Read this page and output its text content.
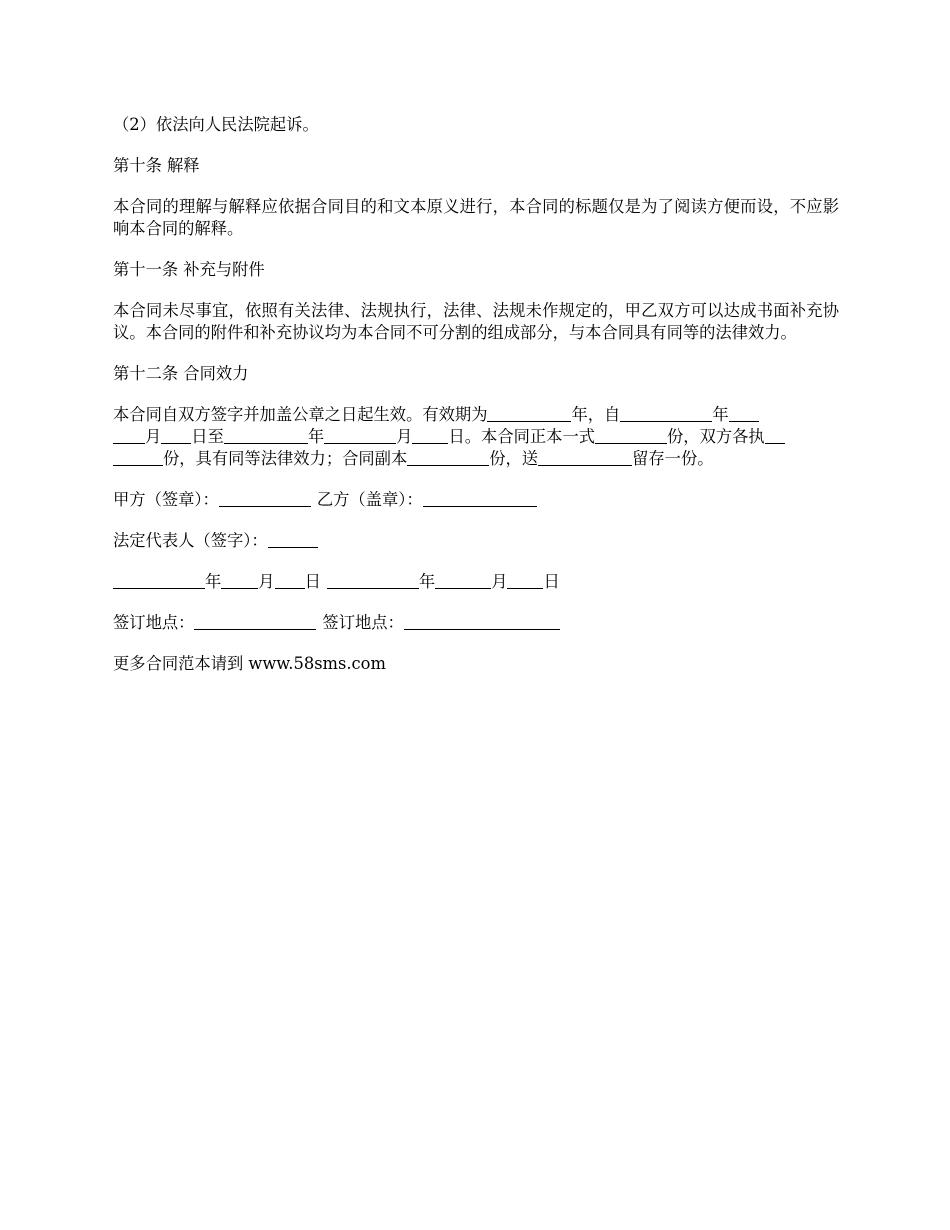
（2）依法向人民法院起诉。

第十条 解释

本合同的理解与解释应依据合同目的和文本原义进行，本合同的标题仅是为了阅读方便而设，不应影响本合同的解释。

第十一条 补充与附件

本合同未尽事宜，依照有关法律、法规执行，法律、法规未作规定的，甲乙双方可以达成书面补充协议。本合同的附件和补充协议均为本合同不可分割的组成部分，与本合同具有同等的法律效力。

第十二条 合同效力

本合同自双方签字并加盖公章之日起生效。有效期为	年，自	年
月 日至	年	月 日。本合同正本一式	份，双方各执
份，具有同等法律效力；合同副本	份，送	留存一份。

甲方（签章）：	乙方（盖章）：

法定代表人（签字）：

年 月 日	年	月 日

签订地点：	签订地点：

更多合同范本请到 www.58sms.com
